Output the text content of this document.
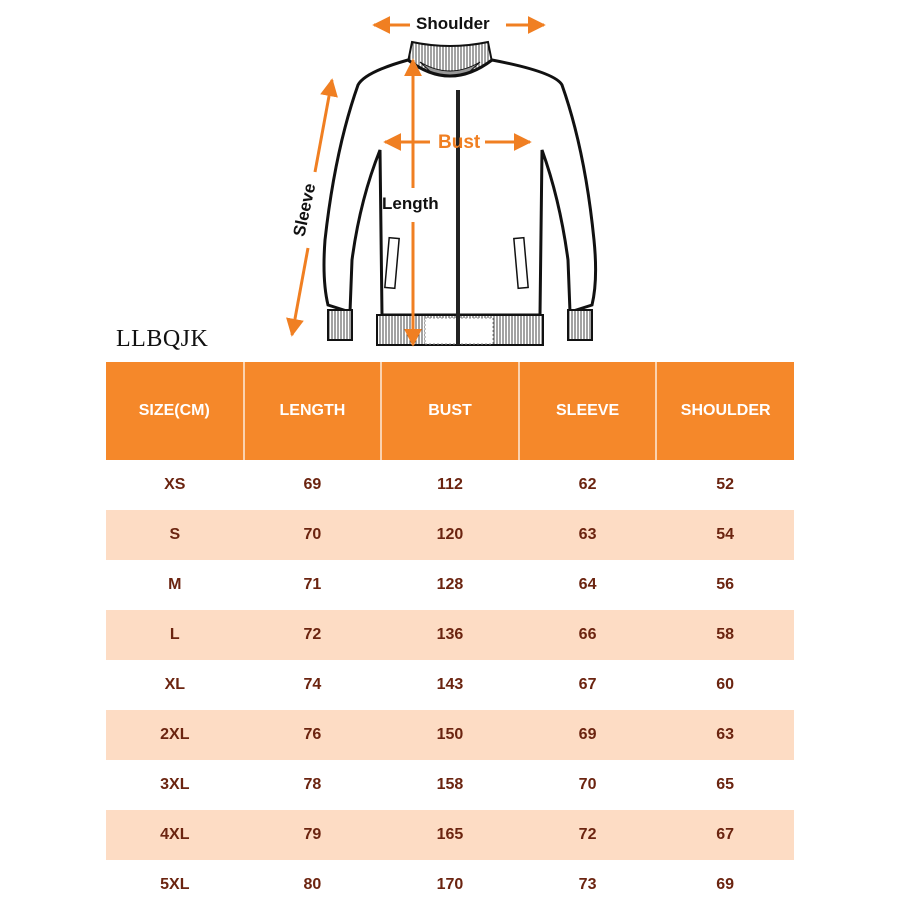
Shoulder
Bust
Length
Sleeve
LLBQJK
SIZE(CM)	LENGTH	BUST	SLEEVE	SHOULDER
XS	69	112	62	52
S	70	120	63	54
M	71	128	64	56
L	72	136	66	58
XL	74	143	67	60
2XL	76	150	69	63
3XL	78	158	70	65
4XL	79	165	72	67
5XL	80	170	73	69
